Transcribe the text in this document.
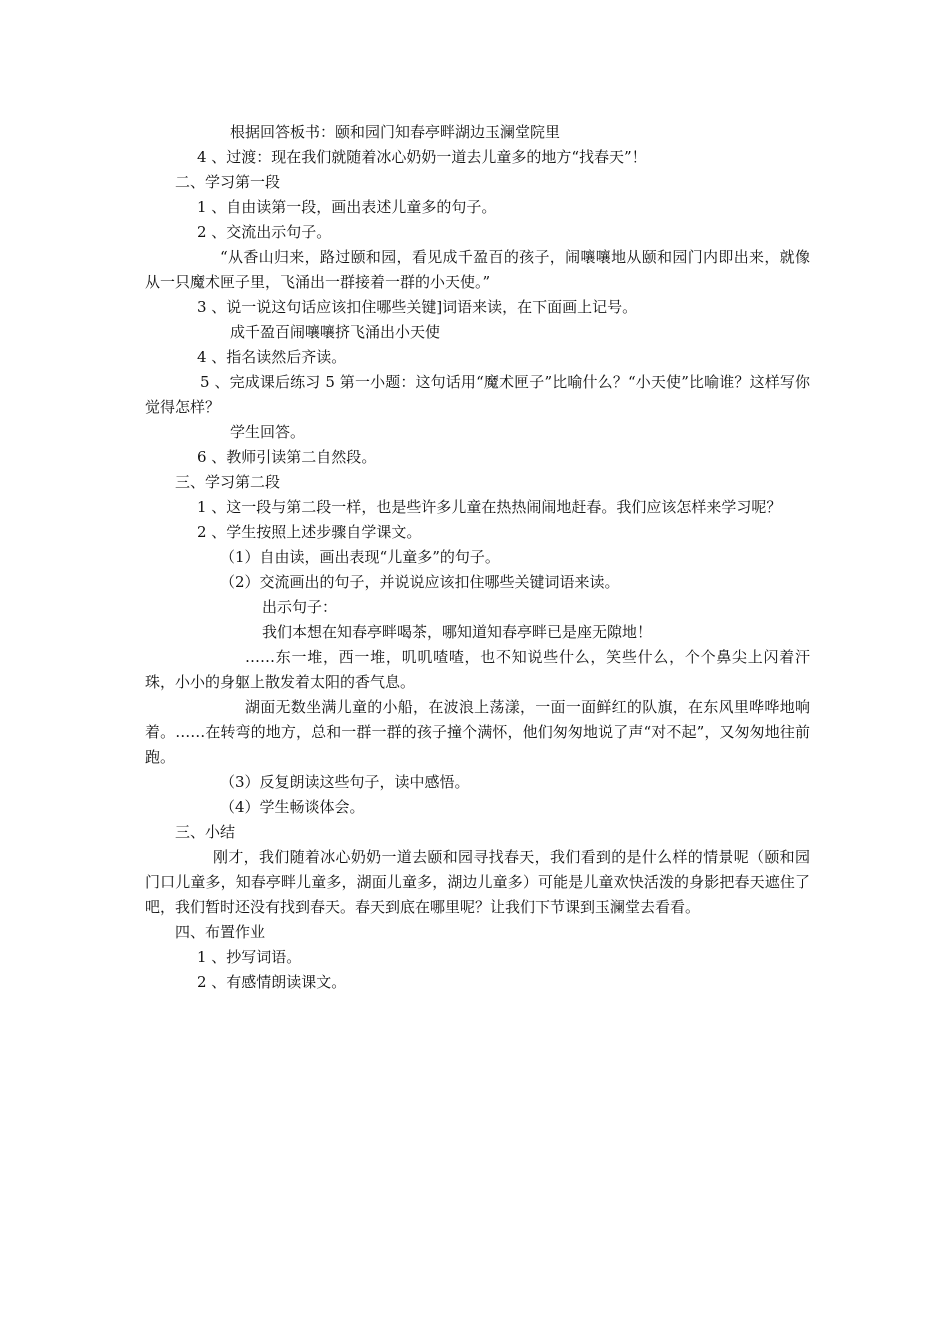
根据回答板书：颐和园门知春亭畔湖边玉澜堂院里

4 、过渡：现在我们就随着冰心奶奶一道去儿童多的地方“找春天”！

二、学习第一段

1 、自由读第一段，画出表述儿童多的句子。

2 、交流出示句子。

“从香山归来，路过颐和园，看见成千盈百的孩子，闹嚷嚷地从颐和园门内即出来，就像从一只魔术匣子里，飞涌出一群接着一群的小天使。”

3 、说一说这句话应该扣住哪些关键]词语来读，在下面画上记号。

成千盈百闹嚷嚷挤飞涌出小天使

4 、指名读然后齐读。

5 、完成课后练习 5 第一小题：这句话用“魔术匣子”比喻什么？“小天使”比喻谁？这样写你觉得怎样？

学生回答。

6 、教师引读第二自然段。

三、学习第二段

1 、这一段与第二段一样，也是些许多儿童在热热闹闹地赶春。我们应该怎样来学习呢？

2 、学生按照上述步骤自学课文。

（1）自由读，画出表现“儿童多”的句子。

（2）交流画出的句子，并说说应该扣住哪些关键词语来读。

出示句子：

我们本想在知春亭畔喝茶，哪知道知春亭畔已是座无隙地！

……东一堆，西一堆，叽叽喳喳，也不知说些什么，笑些什么，个个鼻尖上闪着汗珠，小小的身躯上散发着太阳的香气息。

湖面无数坐满儿童的小船，在波浪上荡漾，一面一面鲜红的队旗，在东风里哗哗地响着。……在转弯的地方，总和一群一群的孩子撞个满怀，他们匆匆地说了声“对不起”，又匆匆地往前跑。

（3）反复朗读这些句子，读中感悟。

（4）学生畅谈体会。

三、小结

刚才，我们随着冰心奶奶一道去颐和园寻找春天，我们看到的是什么样的情景呢（颐和园门口儿童多，知春亭畔儿童多，湖面儿童多，湖边儿童多）可能是儿童欢快活泼的身影把春天遮住了吧，我们暂时还没有找到春天。春天到底在哪里呢？让我们下节课到玉澜堂去看看。

四、布置作业

1 、抄写词语。

2 、有感情朗读课文。
